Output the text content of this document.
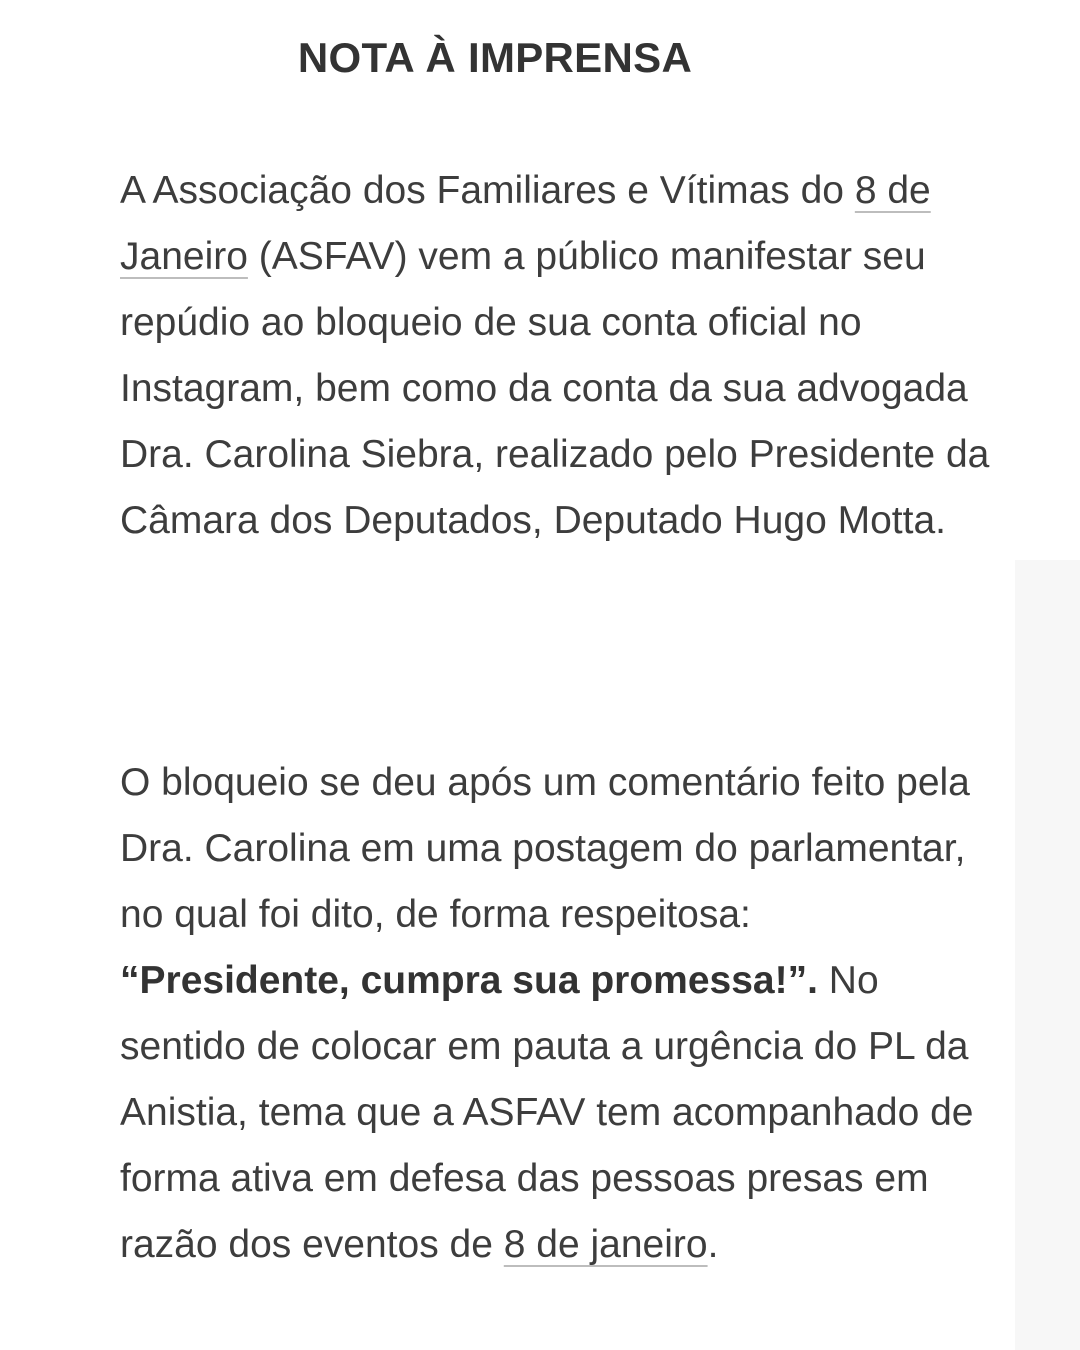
NOTA À IMPRENSA

A Associação dos Familiares e Vítimas do 8 de Janeiro (ASFAV) vem a público manifestar seu repúdio ao bloqueio de sua conta oficial no Instagram, bem como da conta da sua advogada Dra. Carolina Siebra, realizado pelo Presidente da Câmara dos Deputados, Deputado Hugo Motta.

O bloqueio se deu após um comentário feito pela Dra. Carolina em uma postagem do parlamentar, no qual foi dito, de forma respeitosa: “Presidente, cumpra sua promessa!”. No sentido de colocar em pauta a urgência do PL da Anistia, tema que a ASFAV tem acompanhado de forma ativa em defesa das pessoas presas em razão dos eventos de 8 de janeiro.
